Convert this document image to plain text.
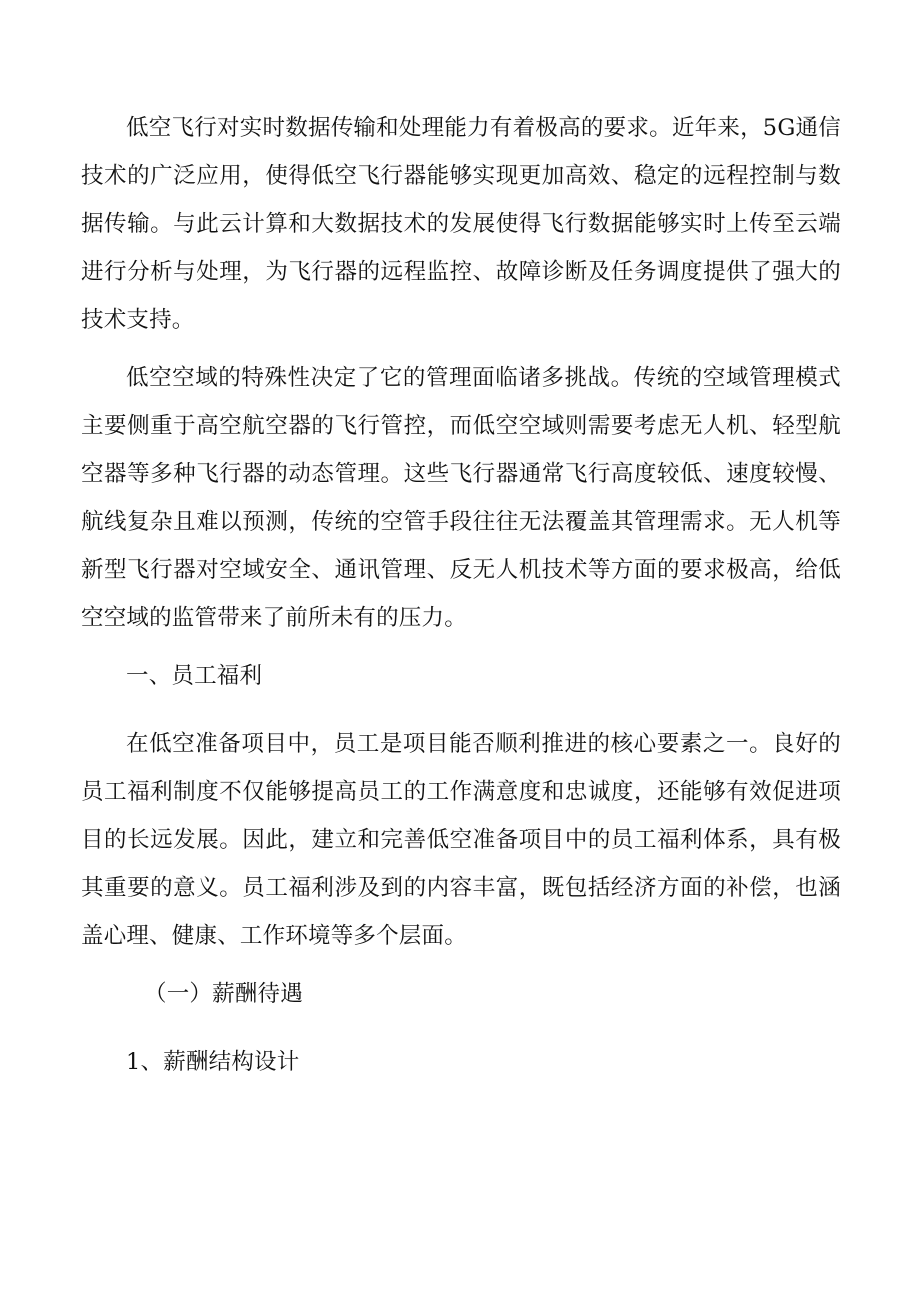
低空飞行对实时数据传输和处理能力有着极高的要求。近年来，5G通信技术的广泛应用，使得低空飞行器能够实现更加高效、稳定的远程控制与数据传输。与此云计算和大数据技术的发展使得飞行数据能够实时上传至云端进行分析与处理，为飞行器的远程监控、故障诊断及任务调度提供了强大的技术支持。

低空空域的特殊性决定了它的管理面临诸多挑战。传统的空域管理模式主要侧重于高空航空器的飞行管控，而低空空域则需要考虑无人机、轻型航空器等多种飞行器的动态管理。这些飞行器通常飞行高度较低、速度较慢、航线复杂且难以预测，传统的空管手段往往无法覆盖其管理需求。无人机等新型飞行器对空域安全、通讯管理、反无人机技术等方面的要求极高，给低空空域的监管带来了前所未有的压力。

一、员工福利

在低空准备项目中，员工是项目能否顺利推进的核心要素之一。良好的员工福利制度不仅能够提高员工的工作满意度和忠诚度，还能够有效促进项目的长远发展。因此，建立和完善低空准备项目中的员工福利体系，具有极其重要的意义。员工福利涉及到的内容丰富，既包括经济方面的补偿，也涵盖心理、健康、工作环境等多个层面。

（一）薪酬待遇
1、薪酬结构设计
